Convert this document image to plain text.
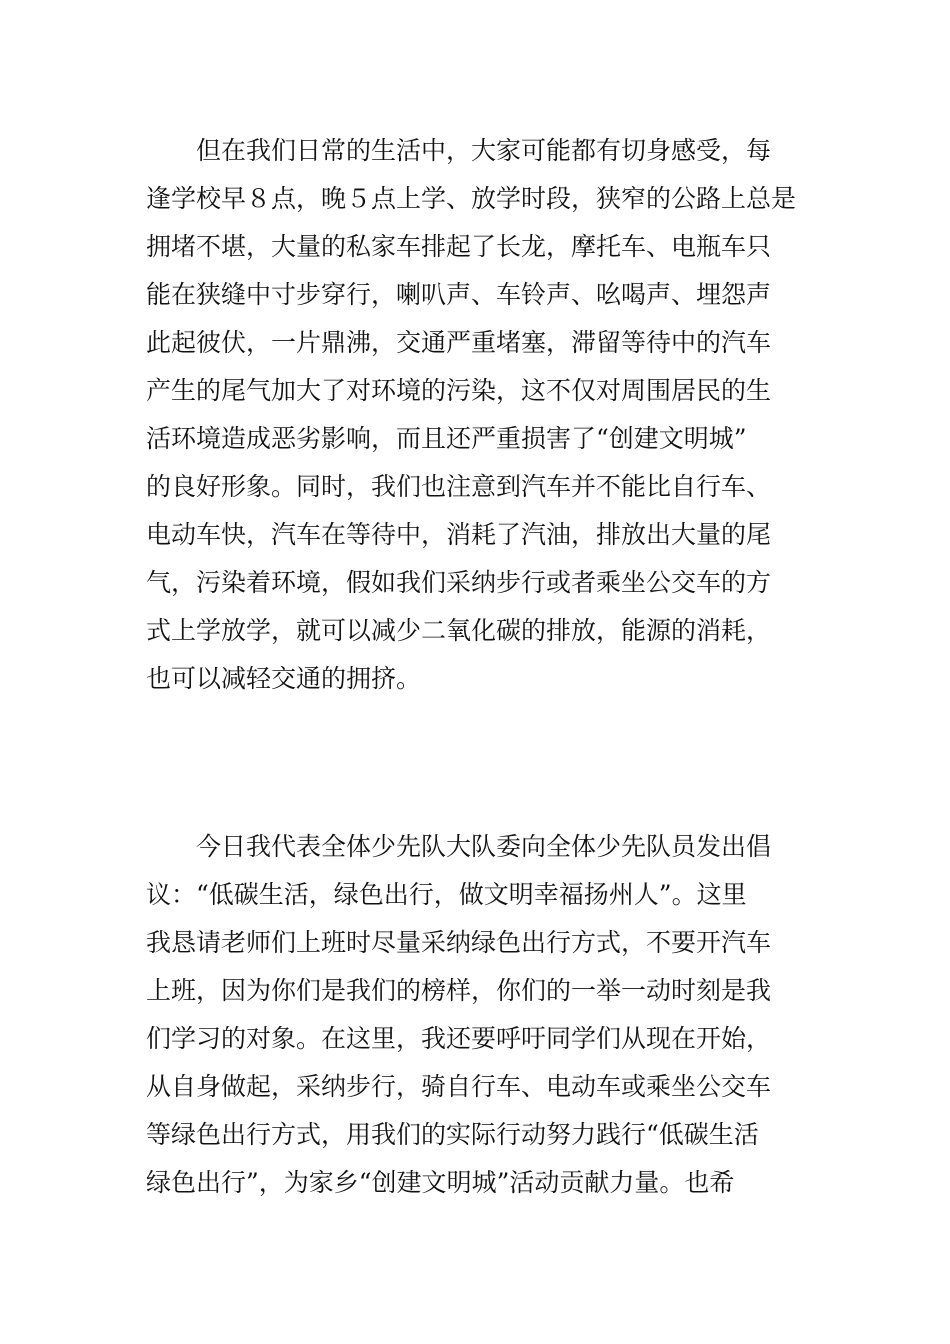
但在我们日常的生活中，大家可能都有切身感受，每
逢学校早８点，晚５点上学、放学时段，狭窄的公路上总是
拥堵不堪，大量的私家车排起了长龙，摩托车、电瓶车只
能在狭缝中寸步穿行，喇叭声、车铃声、吆喝声、埋怨声
此起彼伏，一片鼎沸，交通严重堵塞，滞留等待中的汽车
产生的尾气加大了对环境的污染，这不仅对周围居民的生
活环境造成恶劣影响，而且还严重损害了“创建文明城”
的良好形象。同时，我们也注意到汽车并不能比自行车、
电动车快，汽车在等待中，消耗了汽油，排放出大量的尾
气，污染着环境，假如我们采纳步行或者乘坐公交车的方
式上学放学，就可以减少二氧化碳的排放，能源的消耗，
也可以减轻交通的拥挤。
今日我代表全体少先队大队委向全体少先队员发出倡
议：“低碳生活，绿色出行，做文明幸福扬州人”。这里
我恳请老师们上班时尽量采纳绿色出行方式，不要开汽车
上班，因为你们是我们的榜样，你们的一举一动时刻是我
们学习的对象。在这里，我还要呼吁同学们从现在开始，
从自身做起，采纳步行，骑自行车、电动车或乘坐公交车
等绿色出行方式，用我们的实际行动努力践行“低碳生活
绿色出行”，为家乡“创建文明城”活动贡献力量。也希
